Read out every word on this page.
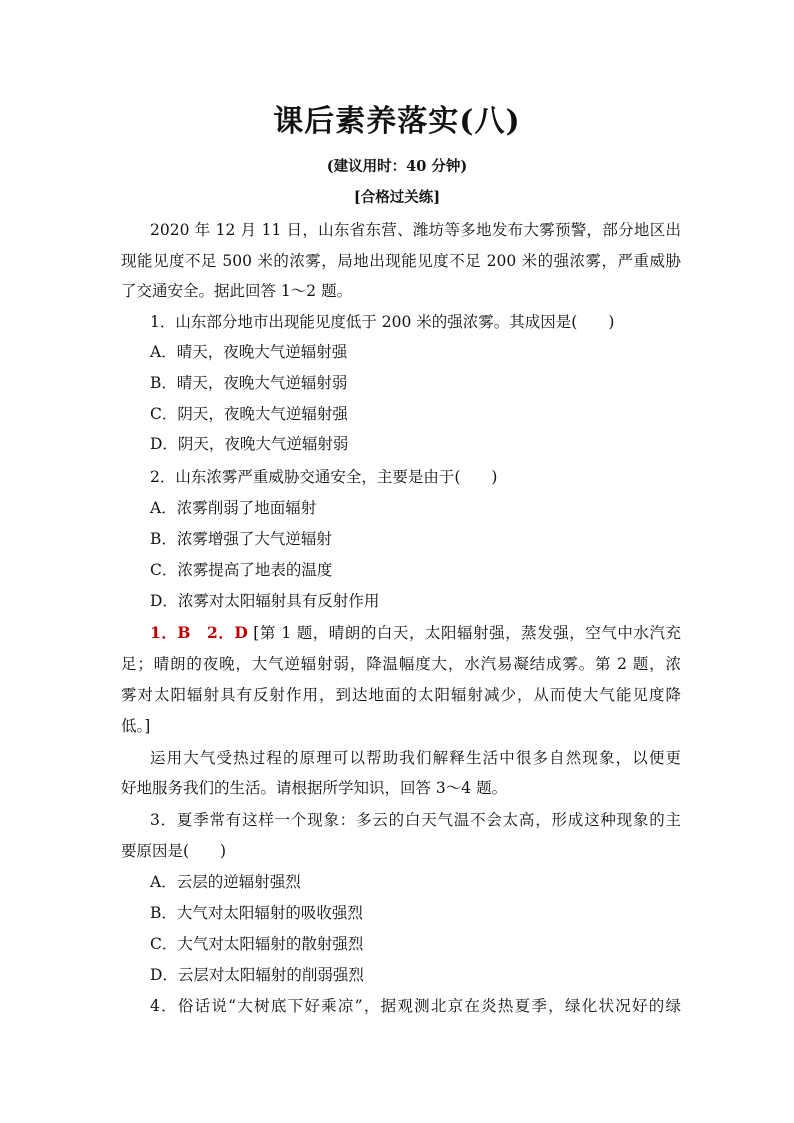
课后素养落实(八)
(建议用时：40 分钟)
[合格过关练]
2020 年 12 月 11 日，山东省东营、潍坊等多地发布大雾预警，部分地区出
现能见度不足 500 米的浓雾，局地出现能见度不足 200 米的强浓雾，严重威胁
了交通安全。据此回答 1～2 题。
1．山东部分地市出现能见度低于 200 米的强浓雾。其成因是(　　)
A．晴天，夜晚大气逆辐射强
B．晴天，夜晚大气逆辐射弱
C．阴天，夜晚大气逆辐射强
D．阴天，夜晚大气逆辐射弱
2．山东浓雾严重威胁交通安全，主要是由于(　　)
A．浓雾削弱了地面辐射
B．浓雾增强了大气逆辐射
C．浓雾提高了地表的温度
D．浓雾对太阳辐射具有反射作用
1．B　2．D [第 1 题，晴朗的白天，太阳辐射强，蒸发强，空气中水汽充
足；晴朗的夜晚，大气逆辐射弱，降温幅度大，水汽易凝结成雾。第 2 题，浓
雾对太阳辐射具有反射作用，到达地面的太阳辐射减少，从而使大气能见度降
低。]
运用大气受热过程的原理可以帮助我们解释生活中很多自然现象，以便更
好地服务我们的生活。请根据所学知识，回答 3～4 题。
3．夏季常有这样一个现象：多云的白天气温不会太高，形成这种现象的主
要原因是(　　)
A．云层的逆辐射强烈
B．大气对太阳辐射的吸收强烈
C．大气对太阳辐射的散射强烈
D．云层对太阳辐射的削弱强烈
4．俗话说“大树底下好乘凉”，据观测北京在炎热夏季，绿化状况好的绿
